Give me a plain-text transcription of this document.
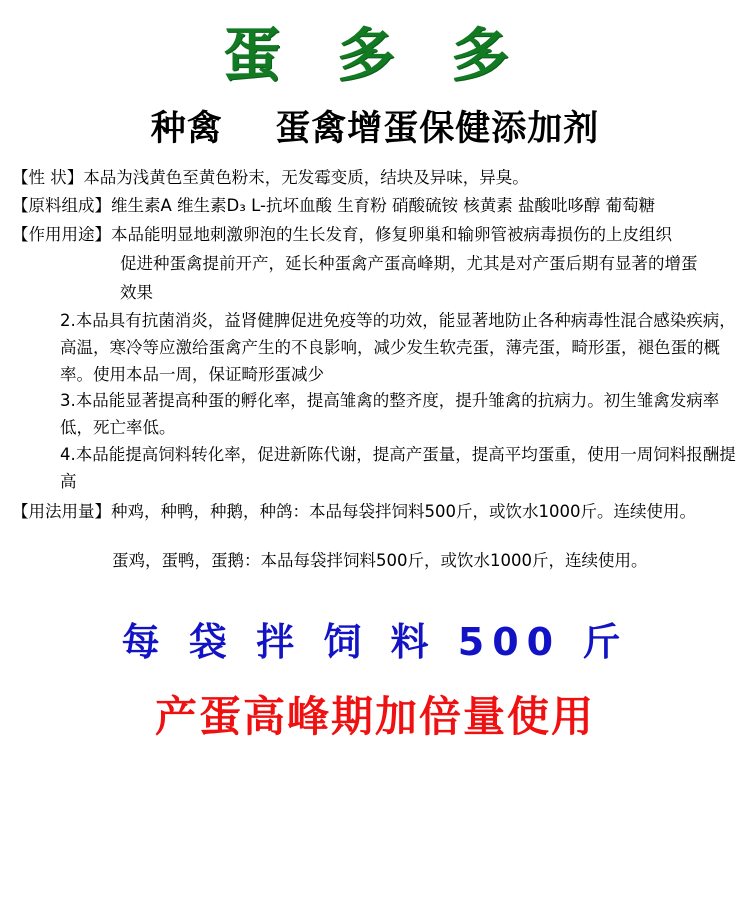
蛋 多 多
种禽 蛋禽增蛋保健添加剂
【性 状】 本品为浅黄色至黄色粉末，无发霉变质，结块及异味，异臭。
【原料组成】 维生素A 维生素D₃ L-抗坏血酸 生育粉 硝酸硫铵 核黄素 盐酸吡哆醇 葡萄糖
【作用用途】 本品能明显地刺激卵泡的生长发育，修复卵巢和输卵管被病毒损伤的上皮组织
促进种蛋禽提前开产，延长种蛋禽产蛋高峰期，尤其是对产蛋后期有显著的增蛋
效果
2.本品具有抗菌消炎，益肾健脾促进免疫等的功效，能显著地防止各种病毒性混合感染疾病，高温，寒冷等应激给蛋禽产生的不良影响，减少发生软壳蛋，薄壳蛋，畸形蛋，褪色蛋的概率。使用本品一周，保证畸形蛋减少
3.本品能显著提高种蛋的孵化率，提高雏禽的整齐度，提升雏禽的抗病力。初生雏禽发病率低，死亡率低。
4.本品能提高饲料转化率，促进新陈代谢，提高产蛋量，提高平均蛋重，使用一周饲料报酬提高
【用法用量】 种鸡，种鸭，种鹅，种鸽：本品每袋拌饲料500斤，或饮水1000斤。连续使用。
蛋鸡，蛋鸭，蛋鹅：本品每袋拌饲料500斤，或饮水1000斤，连续使用。
每 袋 拌 饲 料 500 斤
产蛋高峰期加倍量使用
